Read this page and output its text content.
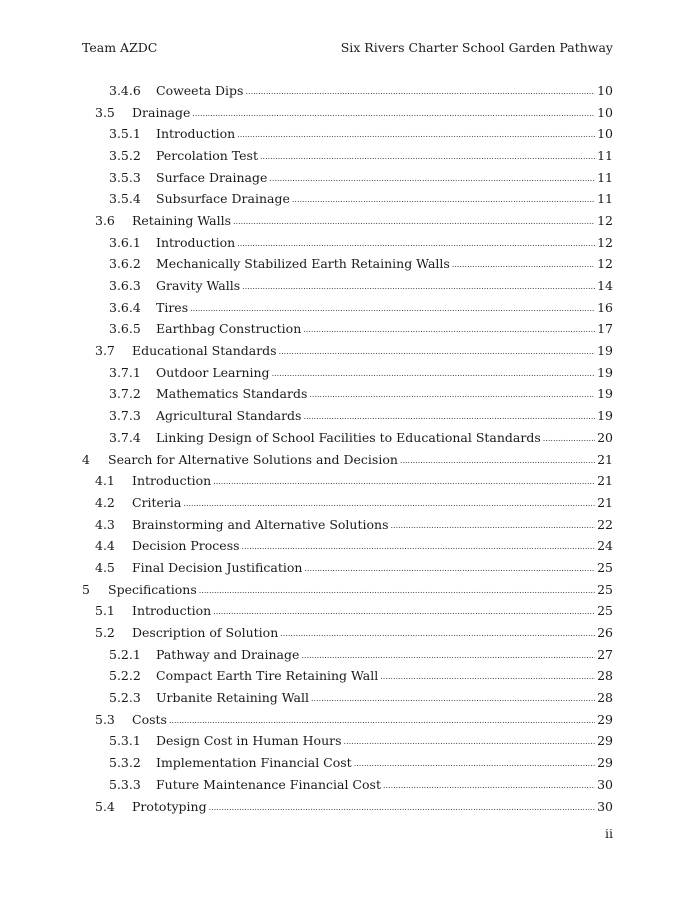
Team AZDC	Six Rivers Charter School Garden Pathway
3.4.6	Coweeta Dips .....	10
3.5	Drainage .....	10
3.5.1	Introduction .....	10
3.5.2	Percolation Test .....	11
3.5.3	Surface Drainage .....	11
3.5.4	Subsurface Drainage .....	11
3.6	Retaining Walls .....	12
3.6.1	Introduction .....	12
3.6.2	Mechanically Stabilized Earth Retaining Walls .....	12
3.6.3	Gravity Walls .....	14
3.6.4	Tires .....	16
3.6.5	Earthbag Construction .....	17
3.7	Educational Standards .....	19
3.7.1	Outdoor Learning .....	19
3.7.2	Mathematics Standards .....	19
3.7.3	Agricultural Standards .....	19
3.7.4	Linking Design of School Facilities to Educational Standards .....	20
4	Search for Alternative Solutions and Decision .....	21
4.1	Introduction .....	21
4.2	Criteria .....	21
4.3	Brainstorming and Alternative Solutions .....	22
4.4	Decision Process .....	24
4.5	Final Decision Justification .....	25
5	Specifications .....	25
5.1	Introduction .....	25
5.2	Description of Solution .....	26
5.2.1	Pathway and Drainage .....	27
5.2.2	Compact Earth Tire Retaining Wall .....	28
5.2.3	Urbanite Retaining Wall .....	28
5.3	Costs .....	29
5.3.1	Design Cost in Human Hours .....	29
5.3.2	Implementation Financial Cost .....	29
5.3.3	Future Maintenance Financial Cost .....	30
5.4	Prototyping .....	30
ii
